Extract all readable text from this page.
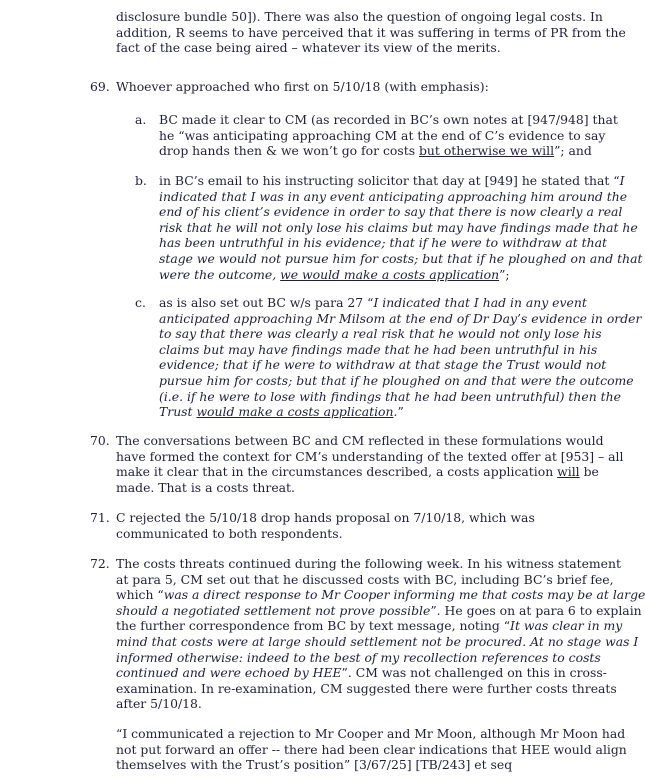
disclosure bundle 50]). There was also the question of ongoing legal costs. In
addition, R seems to have perceived that it was suffering in terms of PR from the
fact of the case being aired – whatever its view of the merits.
69. Whoever approached who first on 5/10/18 (with emphasis):
a. BC made it clear to CM (as recorded in BC’s own notes at [947/948] that
he “was anticipating approaching CM at the end of C’s evidence to say
drop hands then & we won’t go for costs but otherwise we will”; and
b. in BC’s email to his instructing solicitor that day at [949] he stated that “I
indicated that I was in any event anticipating approaching him around the
end of his client’s evidence in order to say that there is now clearly a real
risk that he will not only lose his claims but may have findings made that he
has been untruthful in his evidence; that if he were to withdraw at that
stage we would not pursue him for costs; but that if he ploughed on and that
were the outcome, we would make a costs application”;
c. as is also set out BC w/s para 27 “I indicated that I had in any event
anticipated approaching Mr Milsom at the end of Dr Day’s evidence in order
to say that there was clearly a real risk that he would not only lose his
claims but may have findings made that he had been untruthful in his
evidence; that if he were to withdraw at that stage the Trust would not
pursue him for costs; but that if he ploughed on and that were the outcome
(i.e. if he were to lose with findings that he had been untruthful) then the
Trust would make a costs application.”
70. The conversations between BC and CM reflected in these formulations would
have formed the context for CM’s understanding of the texted offer at [953] – all
make it clear that in the circumstances described, a costs application will be
made. That is a costs threat.
71. C rejected the 5/10/18 drop hands proposal on 7/10/18, which was
communicated to both respondents.
72. The costs threats continued during the following week. In his witness statement
at para 5, CM set out that he discussed costs with BC, including BC’s brief fee,
which “was a direct response to Mr Cooper informing me that costs may be at large
should a negotiated settlement not prove possible”. He goes on at para 6 to explain
the further correspondence from BC by text message, noting “It was clear in my
mind that costs were at large should settlement not be procured. At no stage was I
informed otherwise: indeed to the best of my recollection references to costs
continued and were echoed by HEE”. CM was not challenged on this in cross-
examination. In re-examination, CM suggested there were further costs threats
after 5/10/18.
“I communicated a rejection to Mr Cooper and Mr Moon, although Mr Moon had
not put forward an offer -- there had been clear indications that HEE would align
themselves with the Trust’s position” [3/67/25] [TB/243] et seq
